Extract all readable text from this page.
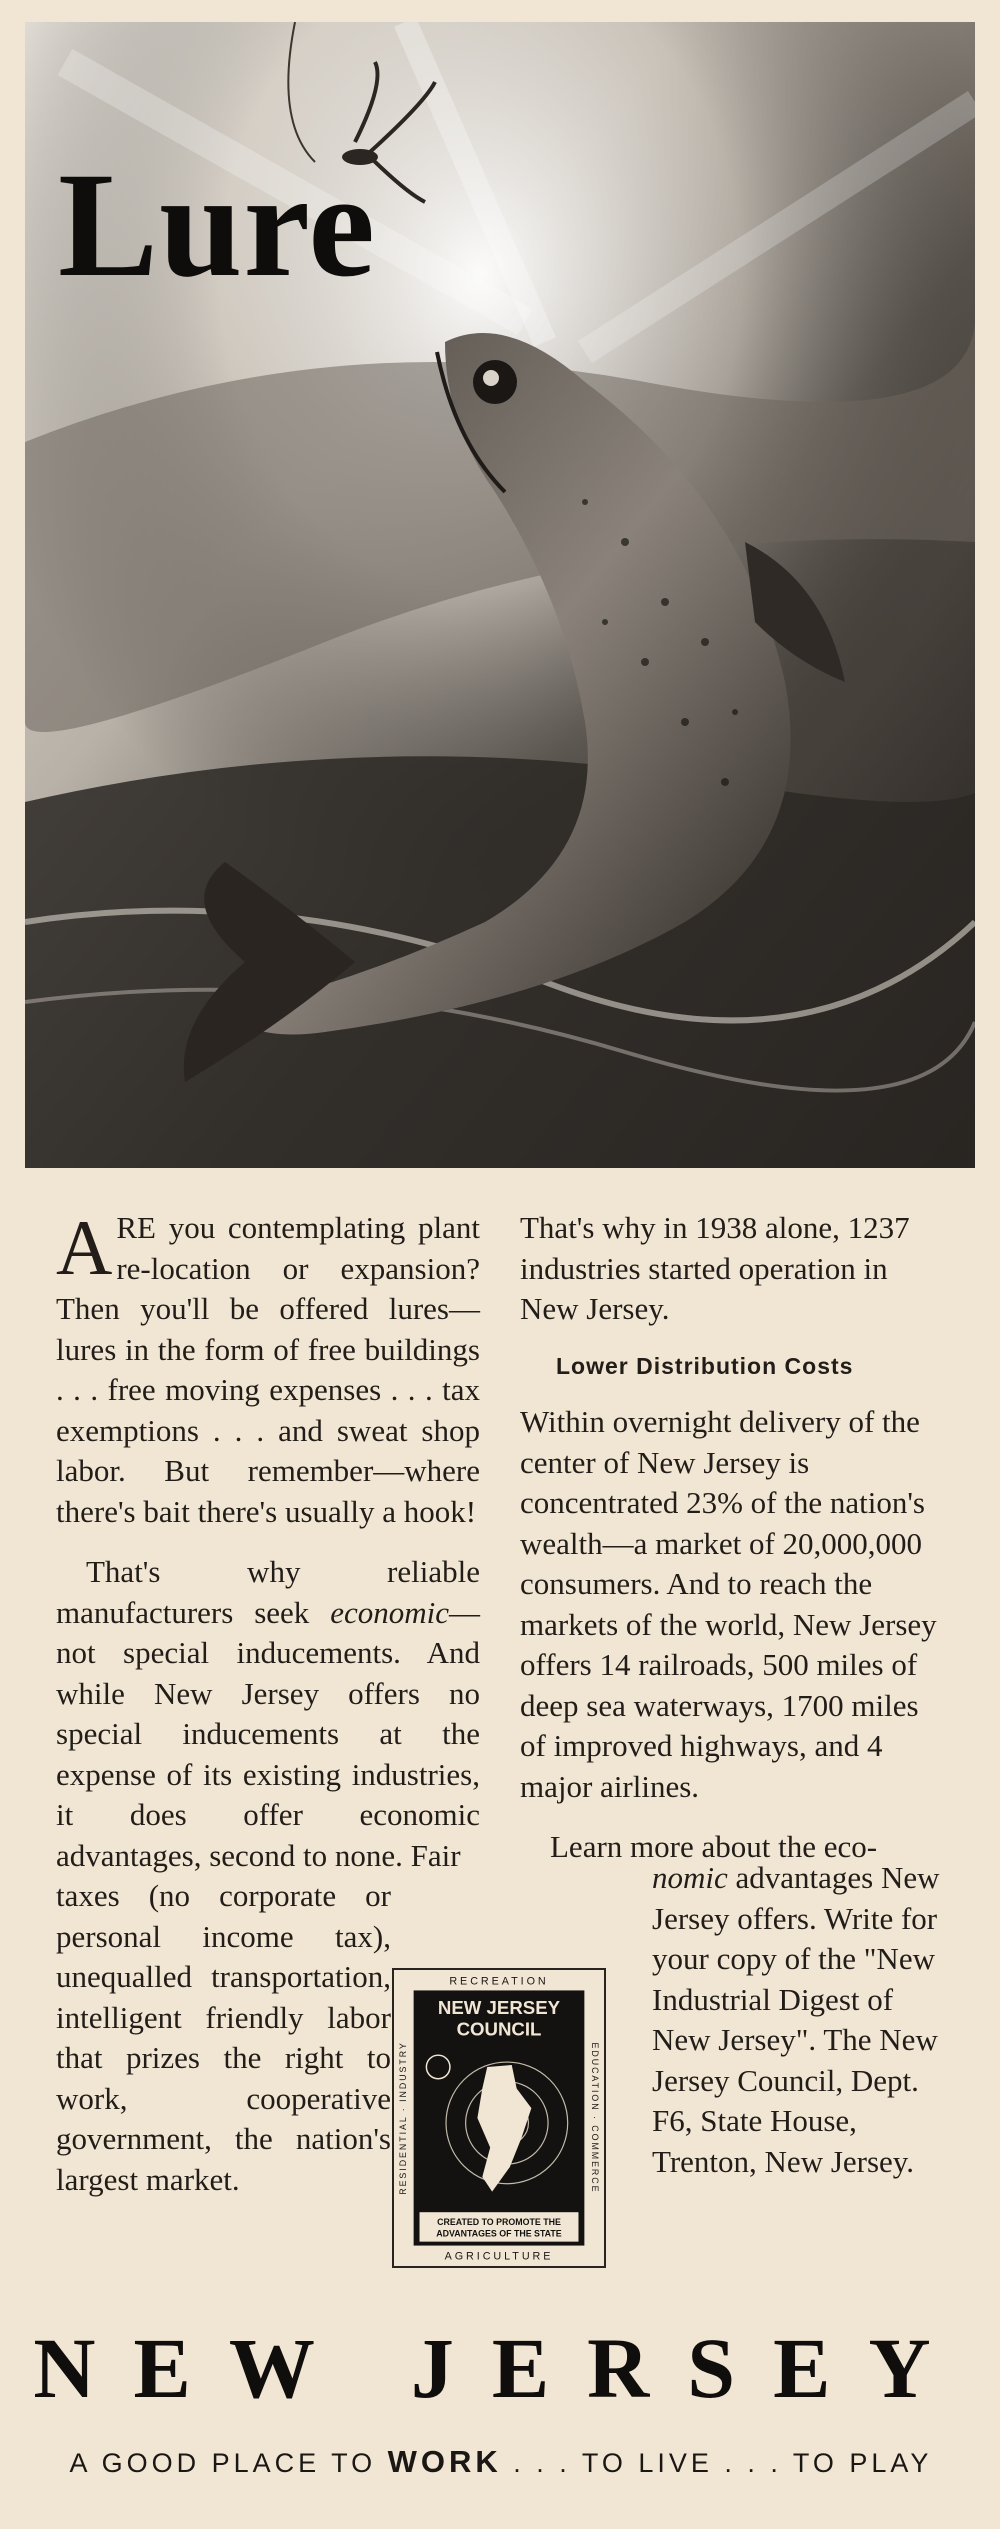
Lure

ARE you contemplating plant re-location or expansion? Then you'll be offered lures—lures in the form of free buildings . . . free moving expenses . . . tax exemptions . . . and sweat shop labor. But remember—where there's bait there's usually a hook!

That's why reliable manufacturers seek economic—not special inducements. And while New Jersey offers no special inducements at the expense of its existing industries, it does offer economic advantages, second to none. Fair

taxes (no corporate or personal income tax), unequalled transportation, intelligent friendly labor that prizes the right to work, cooperative government, the nation's largest market.

That's why in 1938 alone, 1237 industries started operation in New Jersey.

Lower Distribution Costs

Within overnight delivery of the center of New Jersey is concentrated 23% of the nation's wealth—a market of 20,000,000 consumers. And to reach the markets of the world, New Jersey offers 14 railroads, 500 miles of deep sea waterways, 1700 miles of improved highways, and 4 major airlines.

Learn more about the eco-

nomic advantages New Jersey offers. Write for your copy of the "New Industrial Digest of New Jersey". The New Jersey Council, Dept. F6, State House, Trenton, New Jersey.
RECREATION
AGRICULTURE
RESIDENTIAL · INDUSTRY	EDUCATION · COMMERCE
NEW JERSEY
COUNCIL
CREATED TO PROMOTE THE
ADVANTAGES OF THE STATE
NEW JERSEY
A GOOD PLACE TO WORK . . . TO LIVE . . . TO PLAY
